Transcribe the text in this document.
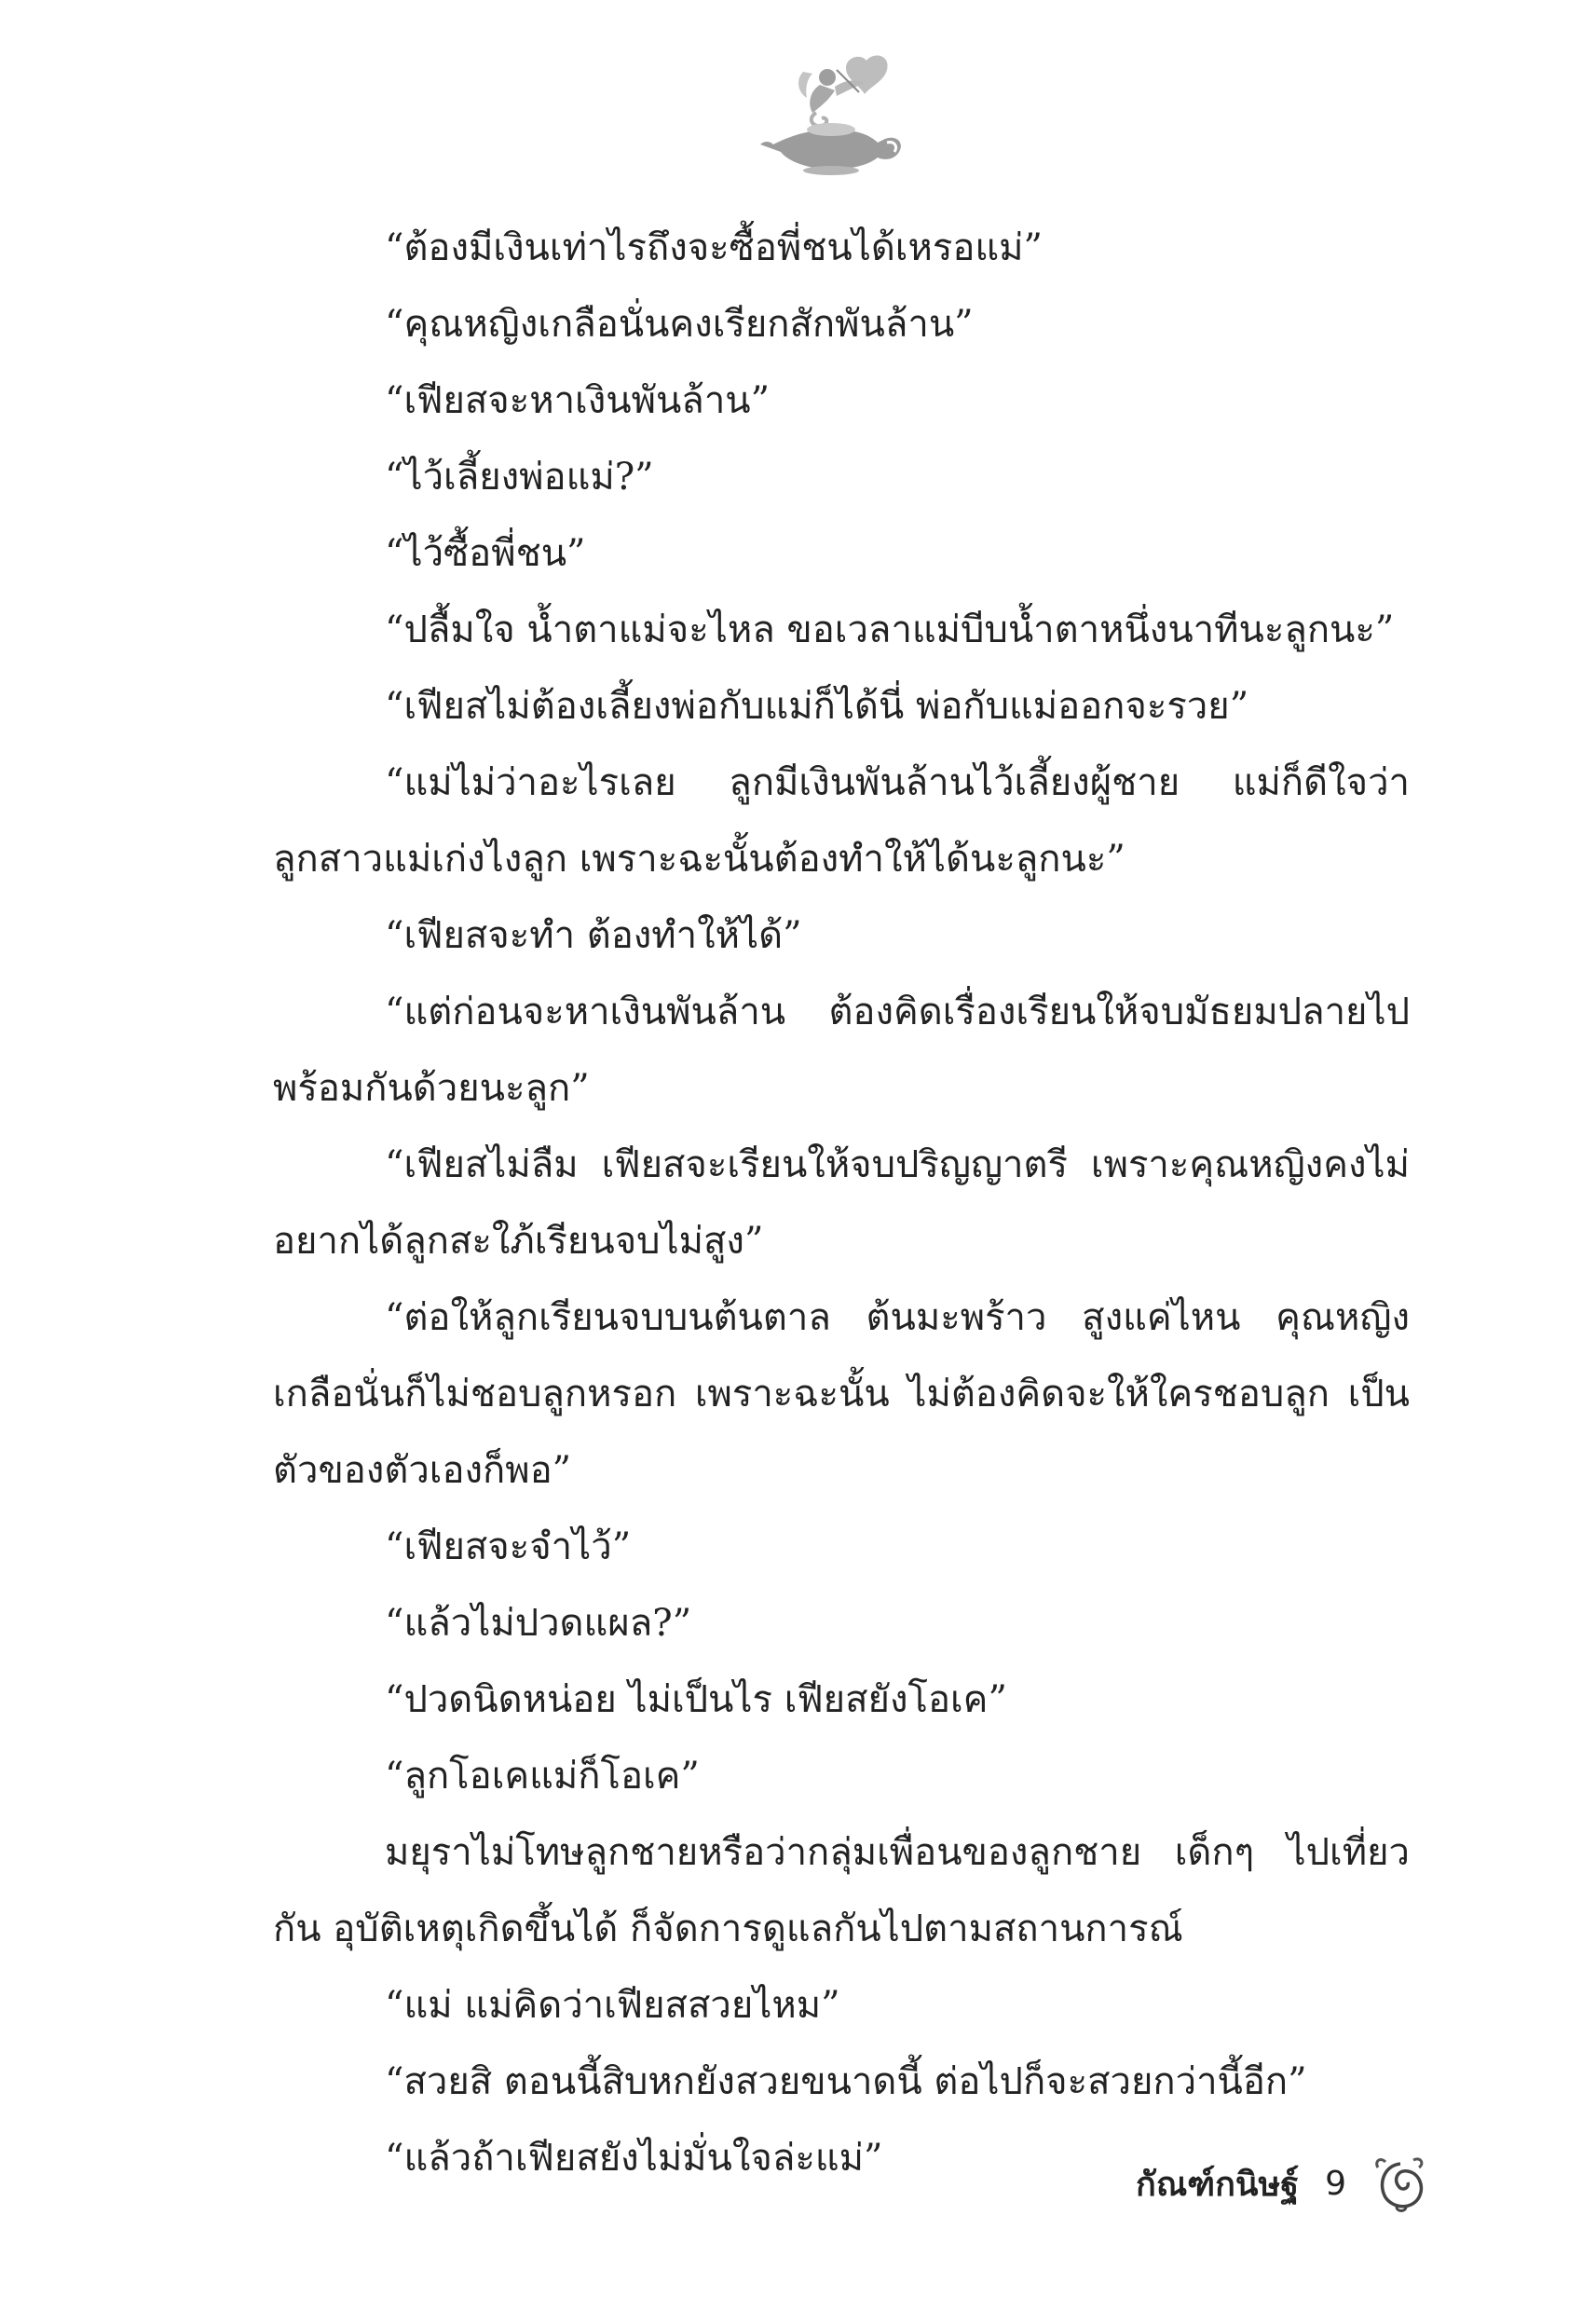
“ต้องมีเงินเท่าไรถึงจะซื้อพี่ชนได้เหรอแม่”

“คุณหญิงเกลือนั่นคงเรียกสักพันล้าน”

“เฟียสจะหาเงินพันล้าน”

“ไว้เลี้ยงพ่อแม่?”

“ไว้ซื้อพี่ชน”

“ปลื้มใจ น้ำตาแม่จะไหล ขอเวลาแม่บีบน้ำตาหนึ่งนาทีนะลูกนะ”

“เฟียสไม่ต้องเลี้ยงพ่อกับแม่ก็ได้นี่ พ่อกับแม่ออกจะรวย”

“แม่ไม่ว่าอะไรเลย ลูกมีเงินพันล้านไว้เลี้ยงผู้ชาย แม่ก็ดีใจว่าลูกสาวแม่เก่งไงลูก เพราะฉะนั้นต้องทำให้ได้นะลูกนะ”

“เฟียสจะทำ ต้องทำให้ได้”

“แต่ก่อนจะหาเงินพันล้าน ต้องคิดเรื่องเรียนให้จบมัธยมปลายไปพร้อมกันด้วยนะลูก”

“เฟียสไม่ลืม เฟียสจะเรียนให้จบปริญญาตรี เพราะคุณหญิงคงไม่อยากได้ลูกสะใภ้เรียนจบไม่สูง”

“ต่อให้ลูกเรียนจบบนต้นตาล ต้นมะพร้าว สูงแค่ไหน คุณหญิงเกลือนั่นก็ไม่ชอบลูกหรอก เพราะฉะนั้น ไม่ต้องคิดจะให้ใครชอบลูก เป็นตัวของตัวเองก็พอ”

“เฟียสจะจำไว้”

“แล้วไม่ปวดแผล?”

“ปวดนิดหน่อย ไม่เป็นไร เฟียสยังโอเค”

“ลูกโอเคแม่ก็โอเค”

มยุราไม่โทษลูกชายหรือว่ากลุ่มเพื่อนของลูกชาย เด็กๆ ไปเที่ยวกัน อุบัติเหตุเกิดขึ้นได้ ก็จัดการดูแลกันไปตามสถานการณ์

“แม่ แม่คิดว่าเฟียสสวยไหม”

“สวยสิ ตอนนี้สิบหกยังสวยขนาดนี้ ต่อไปก็จะสวยกว่านี้อีก”

“แล้วถ้าเฟียสยังไม่มั่นใจล่ะแม่”

กัณฑ์กนิษฐ์ 9
